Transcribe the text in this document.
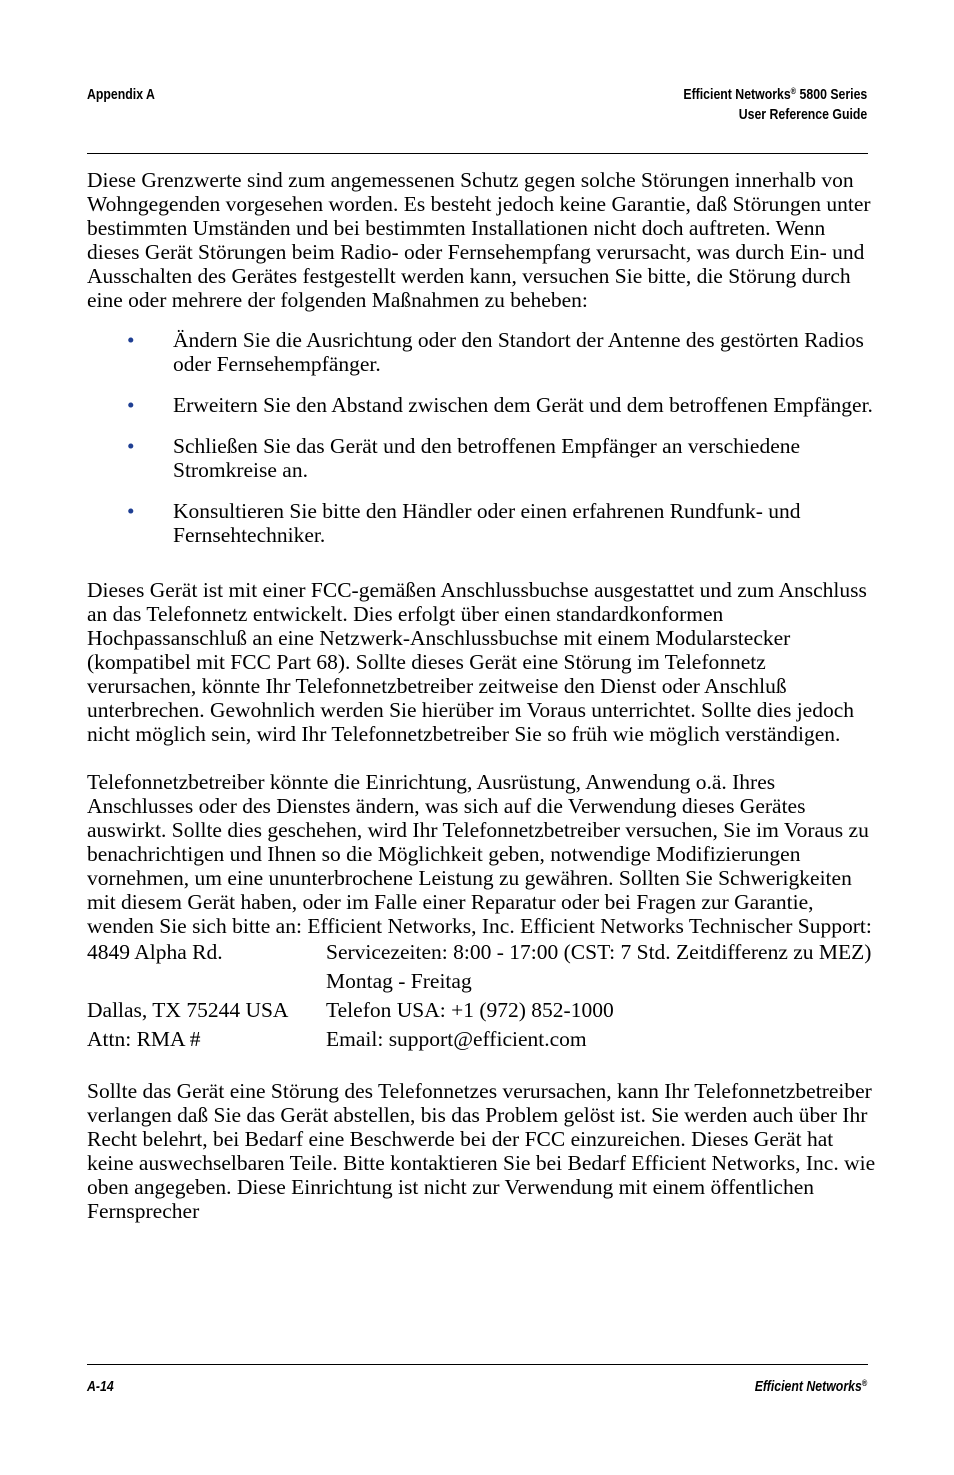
Appendix A	Efficient Networks® 5800 Series
User Reference Guide

Diese Grenzwerte sind zum angemessenen Schutz gegen solche Störungen innerhalb von Wohngegenden vorgesehen worden. Es besteht jedoch keine Garantie, daß Störungen unter bestimmten Umständen und bei bestimmten Installationen nicht doch auftreten. Wenn dieses Gerät Störungen beim Radio- oder Fernsehempfang verursacht, was durch Ein- und Ausschalten des Gerätes festgestellt werden kann, versuchen Sie bitte, die Störung durch eine oder mehrere der folgenden Maßnahmen zu beheben:

• Ändern Sie die Ausrichtung oder den Standort der Antenne des gestörten Radios oder Fernsehempfänger.
• Erweitern Sie den Abstand zwischen dem Gerät und dem betroffenen Empfänger.
• Schließen Sie das Gerät und den betroffenen Empfänger an verschiedene Stromkreise an.
• Konsultieren Sie bitte den Händler oder einen erfahrenen Rundfunk- und Fernsehtechniker.

Dieses Gerät ist mit einer FCC-gemäßen Anschlussbuchse ausgestattet und zum Anschluss an das Telefonnetz entwickelt. Dies erfolgt über einen standardkonformen Hochpassanschluß an eine Netzwerk-Anschlussbuchse mit einem Modularstecker (kompatibel mit FCC Part 68). Sollte dieses Gerät eine Störung im Telefonnetz verursachen, könnte Ihr Telefonnetzbetreiber zeitweise den Dienst oder Anschluß unterbrechen. Gewohnlich werden Sie hierüber im Voraus unterrichtet. Sollte dies jedoch nicht möglich sein, wird Ihr Telefonnetzbetreiber Sie so früh wie möglich verständigen.

Telefonnetzbetreiber könnte die Einrichtung, Ausrüstung, Anwendung o.ä. Ihres Anschlusses oder des Dienstes ändern, was sich auf die Verwendung dieses Gerätes auswirkt. Sollte dies geschehen, wird Ihr Telefonnetzbetreiber versuchen, Sie im Voraus zu benachrichtigen und Ihnen so die Möglichkeit geben, notwendige Modifizierungen vornehmen, um eine ununterbrochene Leistung zu gewähren. Sollten Sie Schwerigkeiten mit diesem Gerät haben, oder im Falle einer Reparatur oder bei Fragen zur Garantie, wenden Sie sich bitte an: Efficient Networks, Inc. Efficient Networks Technischer Support:

4849 Alpha Rd.	Servicezeiten: 8:00 - 17:00 (CST: 7 Std. Zeitdifferenz zu MEZ) Montag - Freitag
Dallas, TX 75244 USA	Telefon USA: +1 (972) 852-1000
Attn: RMA #	Email: support@efficient.com

Sollte das Gerät eine Störung des Telefonnetzes verursachen, kann Ihr Telefonnetzbetreiber verlangen daß Sie das Gerät abstellen, bis das Problem gelöst ist. Sie werden auch über Ihr Recht belehrt, bei Bedarf eine Beschwerde bei der FCC einzureichen. Dieses Gerät hat keine auswechselbaren Teile. Bitte kontaktieren Sie bei Bedarf Efficient Networks, Inc. wie oben angegeben. Diese Einrichtung ist nicht zur Verwendung mit einem öffentlichen Fernsprecher

A-14	Efficient Networks®
